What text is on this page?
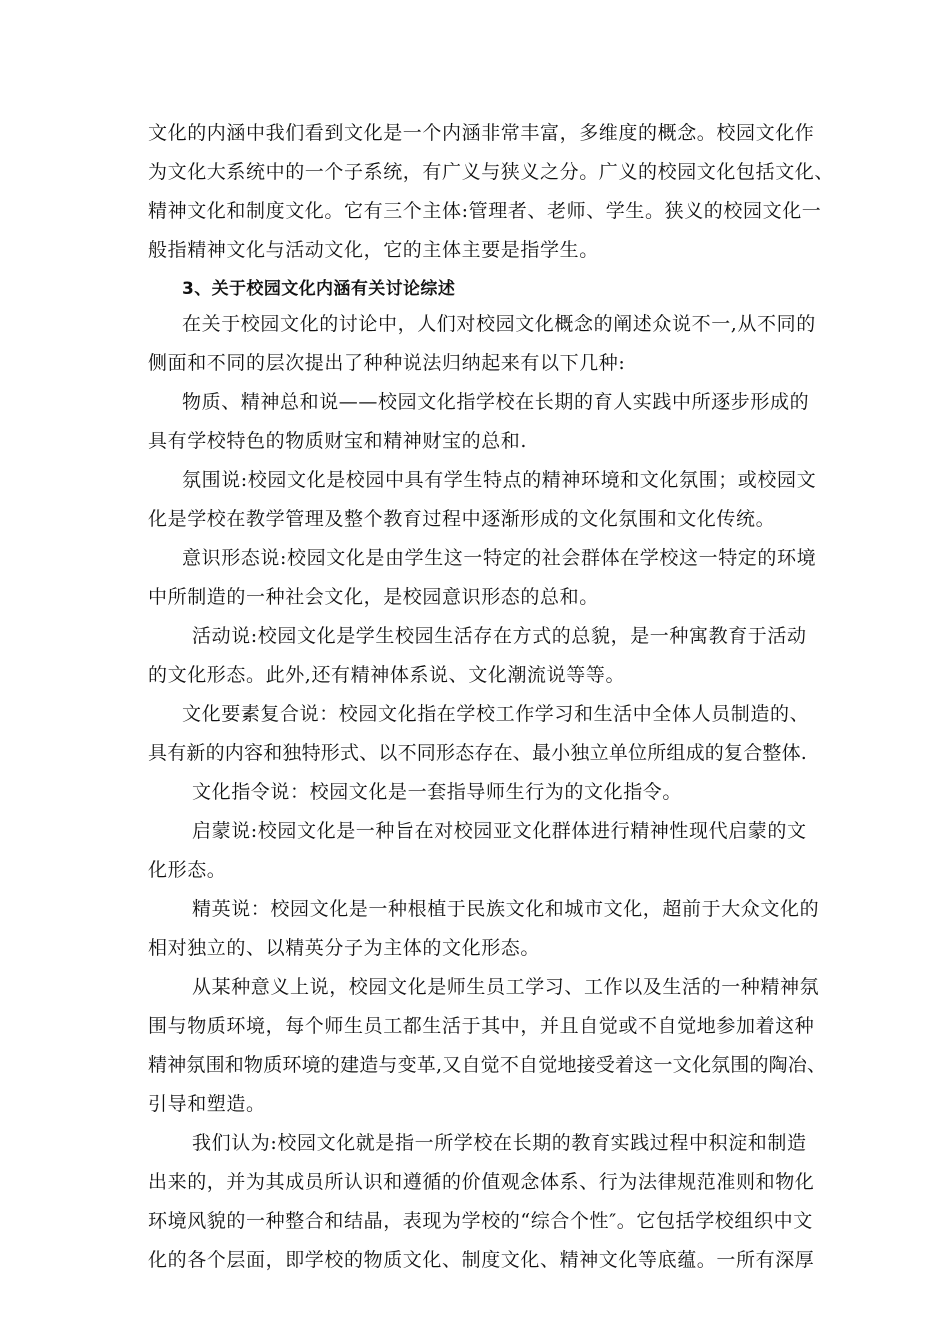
文化的内涵中我们看到文化是一个内涵非常丰富，多维度的概念。校园文化作
为文化大系统中的一个子系统，有广义与狭义之分。广义的校园文化包括文化、
精神文化和制度文化。它有三个主体:管理者、老师、学生。狭义的校园文化一
般指精神文化与活动文化，它的主体主要是指学生。
3、关于校园文化内涵有关讨论综述
在关于校园文化的讨论中，人们对校园文化概念的阐述众说不一,从不同的
侧面和不同的层次提出了种种说法归纳起来有以下几种:
物质、精神总和说——校园文化指学校在长期的育人实践中所逐步形成的
具有学校特色的物质财宝和精神财宝的总和.
氛围说:校园文化是校园中具有学生特点的精神环境和文化氛围；或校园文
化是学校在教学管理及整个教育过程中逐渐形成的文化氛围和文化传统。
意识形态说:校园文化是由学生这一特定的社会群体在学校这一特定的环境
中所制造的一种社会文化，是校园意识形态的总和。
活动说:校园文化是学生校园生活存在方式的总貌，是一种寓教育于活动
的文化形态。此外,还有精神体系说、文化潮流说等等。
文化要素复合说：校园文化指在学校工作学习和生活中全体人员制造的、
具有新的内容和独特形式、以不同形态存在、最小独立单位所组成的复合整体.
文化指令说：校园文化是一套指导师生行为的文化指令。
启蒙说:校园文化是一种旨在对校园亚文化群体进行精神性现代启蒙的文
化形态。
精英说：校园文化是一种根植于民族文化和城市文化，超前于大众文化的
相对独立的、以精英分子为主体的文化形态。
从某种意义上说，校园文化是师生员工学习、工作以及生活的一种精神氛
围与物质环境，每个师生员工都生活于其中，并且自觉或不自觉地参加着这种
精神氛围和物质环境的建造与变革,又自觉不自觉地接受着这一文化氛围的陶冶、
引导和塑造。
我们认为:校园文化就是指一所学校在长期的教育实践过程中积淀和制造
出来的，并为其成员所认识和遵循的价值观念体系、行为法律规范准则和物化
环境风貌的一种整合和结晶，表现为学校的“综合个性″。它包括学校组织中文
化的各个层面，即学校的物质文化、制度文化、精神文化等底蕴。一所有深厚
